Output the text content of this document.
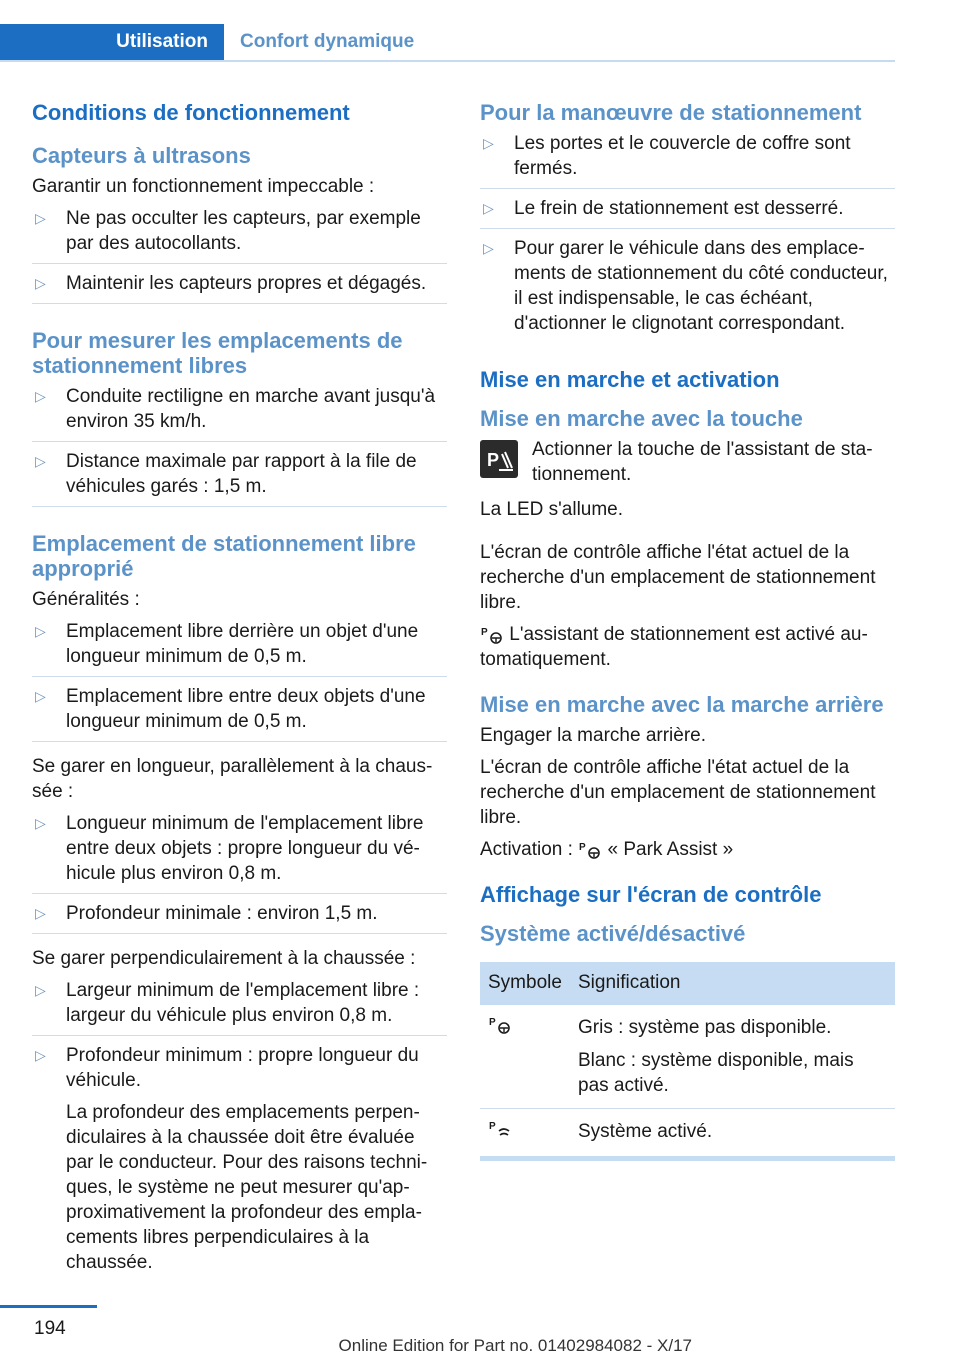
Utilisation	Confort dynamique
Conditions de fonctionnement
Capteurs à ultrasons
Garantir un fonctionnement impeccable :
▷ Ne pas occulter les capteurs, par exemple par des autocollants.
▷ Maintenir les capteurs propres et dégagés.
Pour mesurer les emplacements de stationnement libres
▷ Conduite rectiligne en marche avant jusqu'à environ 35 km/h.
▷ Distance maximale par rapport à la file de véhicules garés : 1,5 m.
Emplacement de stationnement libre approprié
Généralités :
▷ Emplacement libre derrière un objet d'une longueur minimum de 0,5 m.
▷ Emplacement libre entre deux objets d'une longueur minimum de 0,5 m.
Se garer en longueur, parallèlement à la chaussée :
▷ Longueur minimum de l'emplacement libre entre deux objets : propre longueur du véhicule plus environ 0,8 m.
▷ Profondeur minimale : environ 1,5 m.
Se garer perpendiculairement à la chaussée :
▷ Largeur minimum de l'emplacement libre : largeur du véhicule plus environ 0,8 m.
▷ Profondeur minimum : propre longueur du véhicule.
La profondeur des emplacements perpendiculaires à la chaussée doit être évaluée par le conducteur. Pour des raisons techniques, le système ne peut mesurer qu'approximativement la profondeur des emplacements libres perpendiculaires à la chaussée.
Pour la manœuvre de stationnement
▷ Les portes et le couvercle de coffre sont fermés.
▷ Le frein de stationnement est desserré.
▷ Pour garer le véhicule dans des emplacements de stationnement du côté conducteur, il est indispensable, le cas échéant, d'actionner le clignotant correspondant.
Mise en marche et activation
Mise en marche avec la touche
P Actionner la touche de l'assistant de stationnement.
La LED s'allume.
L'écran de contrôle affiche l'état actuel de la recherche d'un emplacement de stationnement libre.
P L'assistant de stationnement est activé automatiquement.
Mise en marche avec la marche arrière
Engager la marche arrière.
L'écran de contrôle affiche l'état actuel de la recherche d'un emplacement de stationnement libre.
Activation : P « Park Assist »
Affichage sur l'écran de contrôle
Système activé/désactivé
Symbole	Signification

P	Gris : système pas disponible.

Blanc : système disponible, mais pas activé.

P	Système activé.
194
Online Edition for Part no. 01402984082 - X/17
